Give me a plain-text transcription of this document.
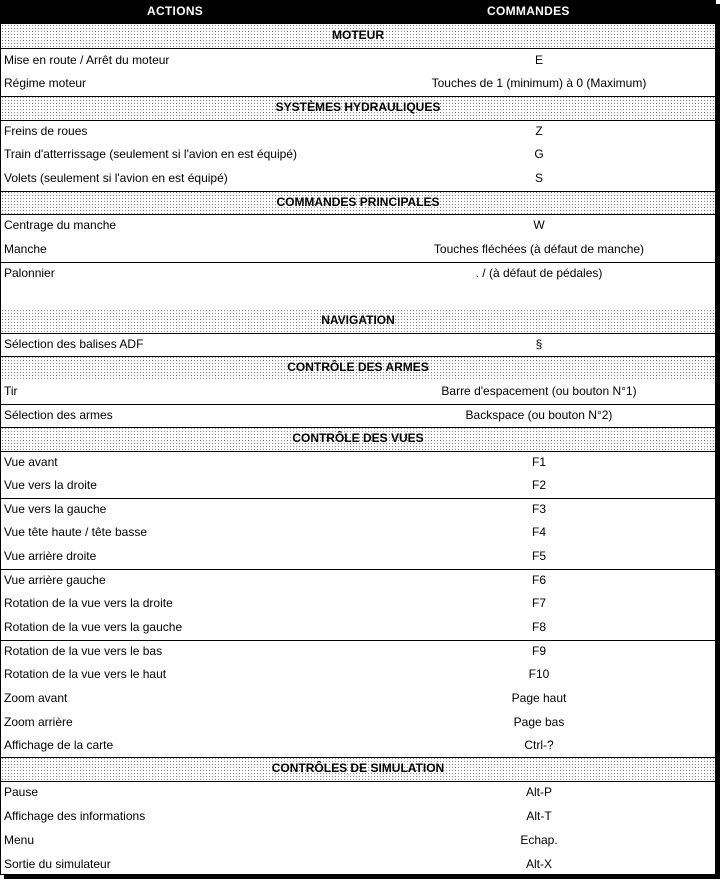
ACTIONS	COMMANDES
MOTEUR
Mise en route / Arrêt du moteur	E
Régime moteur	Touches de 1 (minimum) à 0 (Maximum)
SYSTÈMES HYDRAULIQUES
Freins de roues	Z
Train d'atterrissage (seulement si l'avion en est équipé)	G
Volets (seulement si l'avion en est équipé)	S
COMMANDES PRINCIPALES
Centrage du manche	W
Manche	Touches fléchées (à défaut de manche)
Palonnier	. / (à défaut de pédales)
NAVIGATION
Sélection des balises ADF	§
CONTRÔLE DES ARMES
Tir	Barre d'espacement (ou bouton N°1)
Sélection des armes	Backspace (ou bouton N°2)
CONTRÔLE DES VUES
Vue avant	F1
Vue vers la droite	F2
Vue vers la gauche	F3
Vue tête haute / tête basse	F4
Vue arrière droite	F5
Vue arrière gauche	F6
Rotation de la vue vers la droite	F7
Rotation de la vue vers la gauche	F8
Rotation de la vue vers le bas	F9
Rotation de la vue vers le haut	F10
Zoom avant	Page haut
Zoom arrière	Page bas
Affichage de la carte	Ctrl-?
CONTRÔLES DE SIMULATION
Pause	Alt-P
Affichage des informations	Alt-T
Menu	Echap.
Sortie du simulateur	Alt-X
